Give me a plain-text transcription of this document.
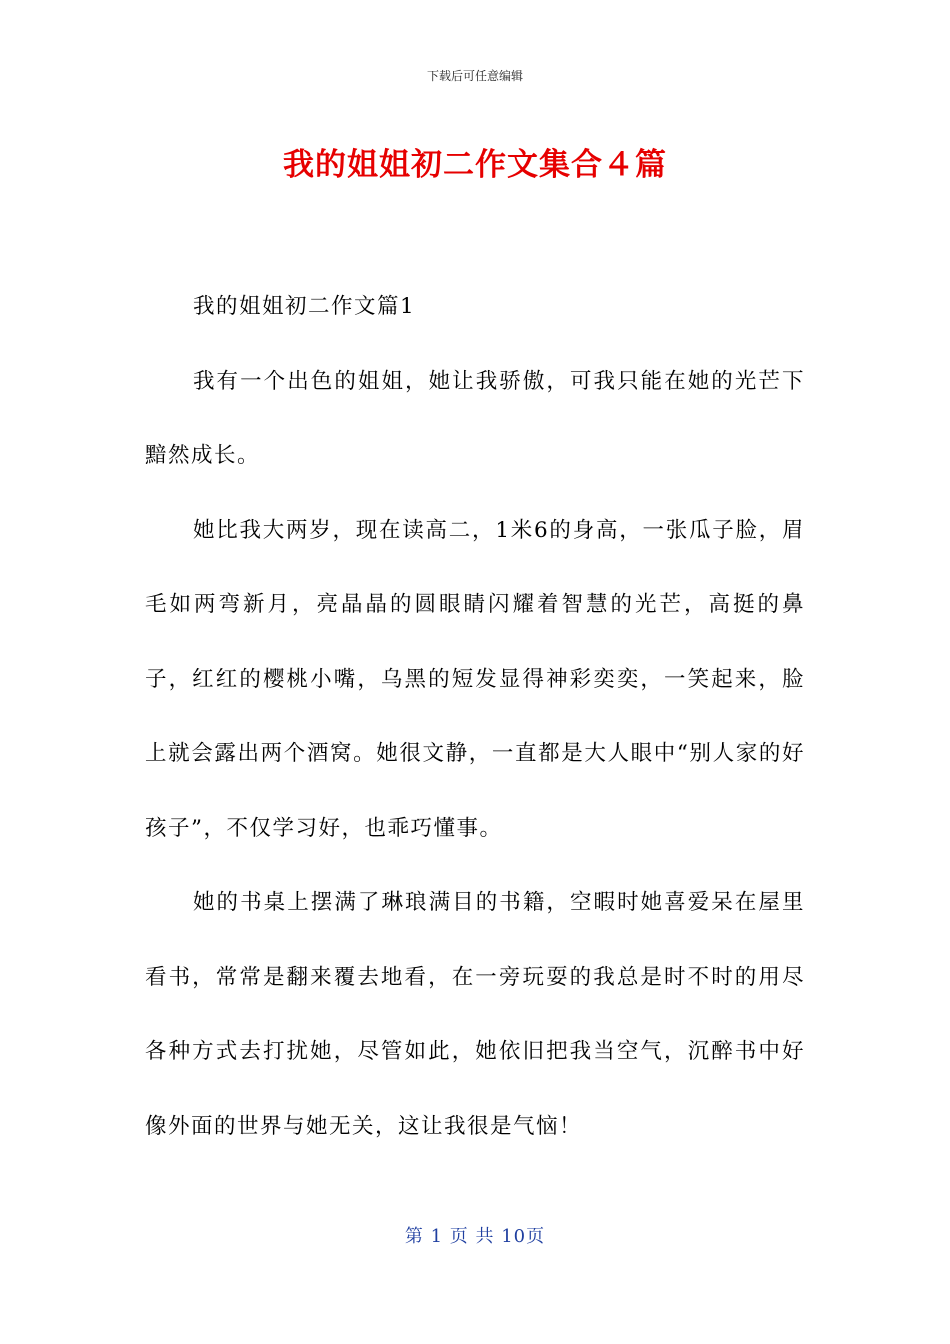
下载后可任意编辑
我的姐姐初二作文集合４篇

我的姐姐初二作文篇1

我有一个出色的姐姐，她让我骄傲，可我只能在她的光芒下黯然成长。

她比我大两岁，现在读高二，1米6的身高，一张瓜子脸，眉毛如两弯新月，亮晶晶的圆眼睛闪耀着智慧的光芒，高挺的鼻子，红红的樱桃小嘴，乌黑的短发显得神彩奕奕，一笑起来，脸上就会露出两个酒窝。她很文静，一直都是大人眼中“别人家的好孩子”，不仅学习好，也乖巧懂事。

她的书桌上摆满了琳琅满目的书籍，空暇时她喜爱呆在屋里看书，常常是翻来覆去地看，在一旁玩耍的我总是时不时的用尽各种方式去打扰她，尽管如此，她依旧把我当空气，沉醉书中好像外面的世界与她无关，这让我很是气恼！

第 1 页 共 10页
